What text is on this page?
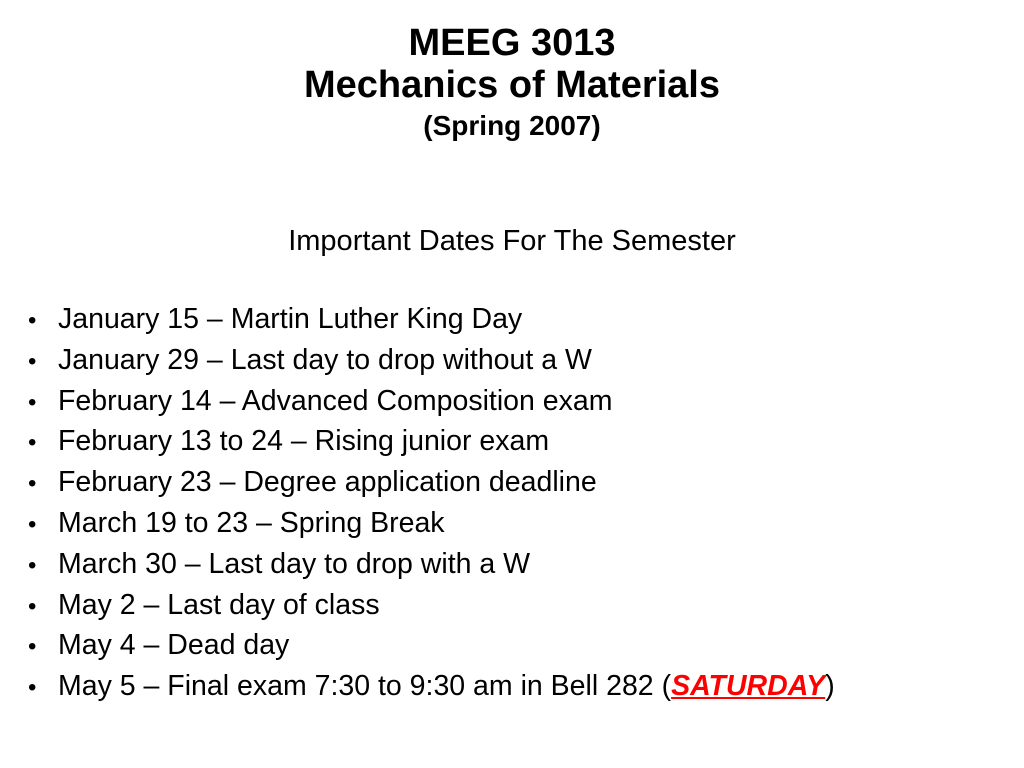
MEEG 3013
Mechanics of Materials
(Spring 2007)
Important Dates For The Semester
• January 15 – Martin Luther King Day
• January 29 – Last day to drop without a W
• February 14 – Advanced Composition exam
• February 13 to 24 – Rising junior exam
• February 23 – Degree application deadline
• March 19 to 23 – Spring Break
• March 30 – Last day to drop with a W
• May 2 – Last day of class
• May 4 – Dead day
• May 5 – Final exam 7:30 to 9:30 am in Bell 282 (SATURDAY)
